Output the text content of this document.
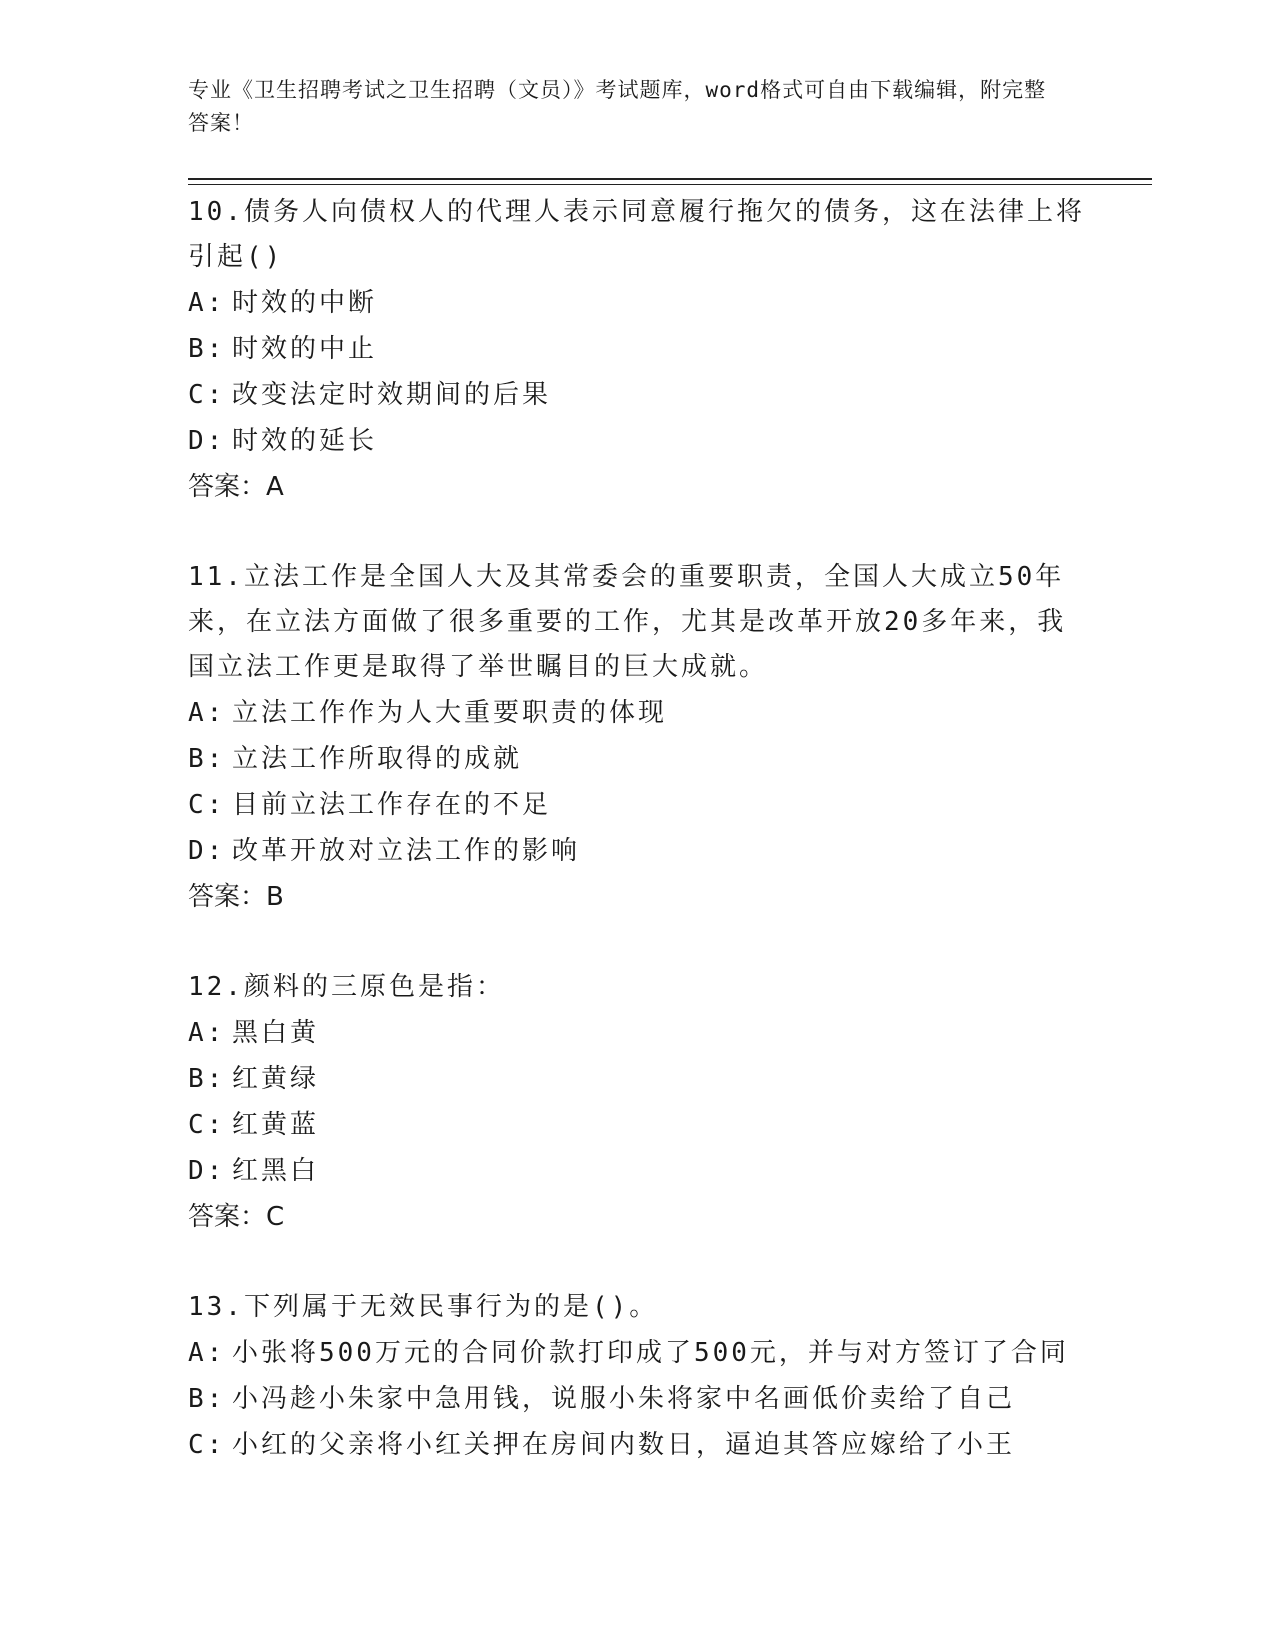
专业《卫生招聘考试之卫生招聘（文员）》考试题库，word格式可自由下载编辑，附完整答案！

10.债务人向债权人的代理人表示同意履行拖欠的债务，这在法律上将引起()

A: 时效的中断

B: 时效的中止

C: 改变法定时效期间的后果

D: 时效的延长

答案：A

11.立法工作是全国人大及其常委会的重要职责，全国人大成立50年来，在立法方面做了很多重要的工作，尤其是改革开放20多年来，我国立法工作更是取得了举世瞩目的巨大成就。

A: 立法工作作为人大重要职责的体现

B: 立法工作所取得的成就

C: 目前立法工作存在的不足

D: 改革开放对立法工作的影响

答案：B

12.颜料的三原色是指：

A: 黑白黄

B: 红黄绿

C: 红黄蓝

D: 红黑白

答案：C

13.下列属于无效民事行为的是()。

A: 小张将500万元的合同价款打印成了500元，并与对方签订了合同

B: 小冯趁小朱家中急用钱，说服小朱将家中名画低价卖给了自己

C: 小红的父亲将小红关押在房间内数日，逼迫其答应嫁给了小王
